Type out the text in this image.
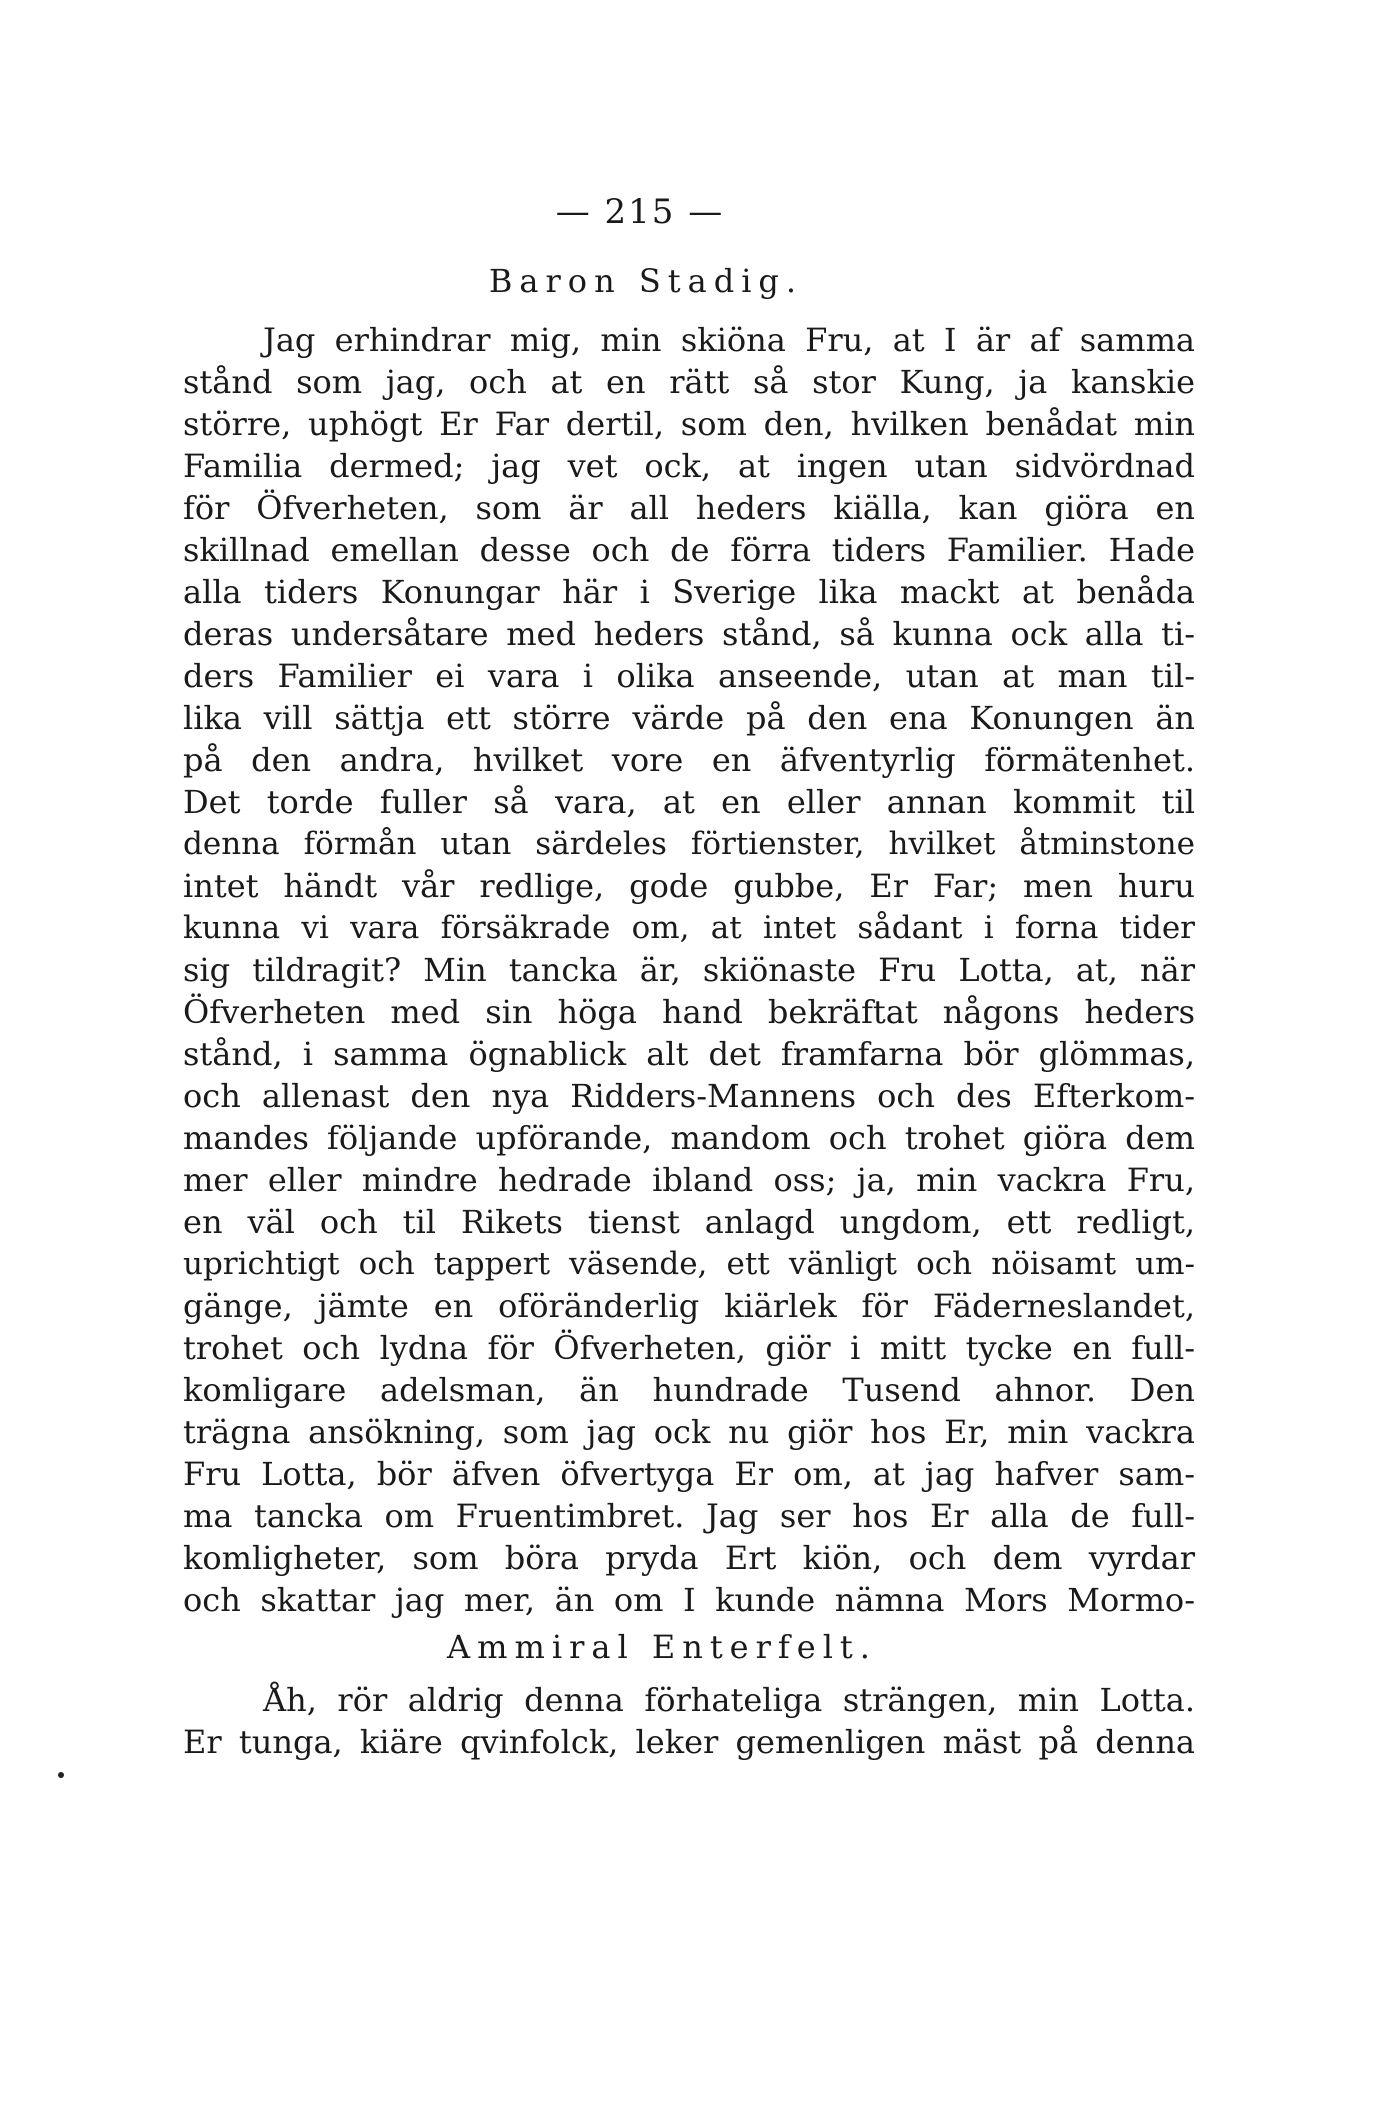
— 215 —
Baron Stadig.
Jag erhindrar mig, min skiöna Fru, at I är af samma
stånd som jag, och at en rätt så stor Kung, ja kanskie
större, uphögt Er Far dertil, som den, hvilken benådat min
Familia dermed; jag vet ock, at ingen utan sidvördnad
för Öfverheten, som är all heders kiälla, kan giöra en
skillnad emellan desse och de förra tiders Familier. Hade
alla tiders Konungar här i Sverige lika mackt at benåda
deras undersåtare med heders stånd, så kunna ock alla ti-
ders Familier ei vara i olika anseende, utan at man til-
lika vill sättja ett större värde på den ena Konungen än
på den andra, hvilket vore en äfventyrlig förmätenhet.
Det torde fuller så vara, at en eller annan kommit til
denna förmån utan särdeles förtienster, hvilket åtminstone
intet händt vår redlige, gode gubbe, Er Far; men huru
kunna vi vara försäkrade om, at intet sådant i forna tider
sig tildragit? Min tancka är, skiönaste Fru Lotta, at, när
Öfverheten med sin höga hand bekräftat någons heders
stånd, i samma ögnablick alt det framfarna bör glömmas,
och allenast den nya Ridders-Mannens och des Efterkom-
mandes följande upförande, mandom och trohet giöra dem
mer eller mindre hedrade ibland oss; ja, min vackra Fru,
en väl och til Rikets tienst anlagd ungdom, ett redligt,
uprichtigt och tappert väsende, ett vänligt och nöisamt um-
gänge, jämte en oföränderlig kiärlek för Fäderneslandet,
trohet och lydna för Öfverheten, giör i mitt tycke en full-
komligare adelsman, än hundrade Tusend ahnor. Den
trägna ansökning, som jag ock nu giör hos Er, min vackra
Fru Lotta, bör äfven öfvertyga Er om, at jag hafver sam-
ma tancka om Fruentimbret. Jag ser hos Er alla de full-
komligheter, som böra pryda Ert kiön, och dem vyrdar
och skattar jag mer, än om I kunde nämna Mors Mormo-
Ammiral Enterfelt.
Åh, rör aldrig denna förhateliga strängen, min Lotta.
Er tunga, kiäre qvinfolck, leker gemenligen mäst på denna
